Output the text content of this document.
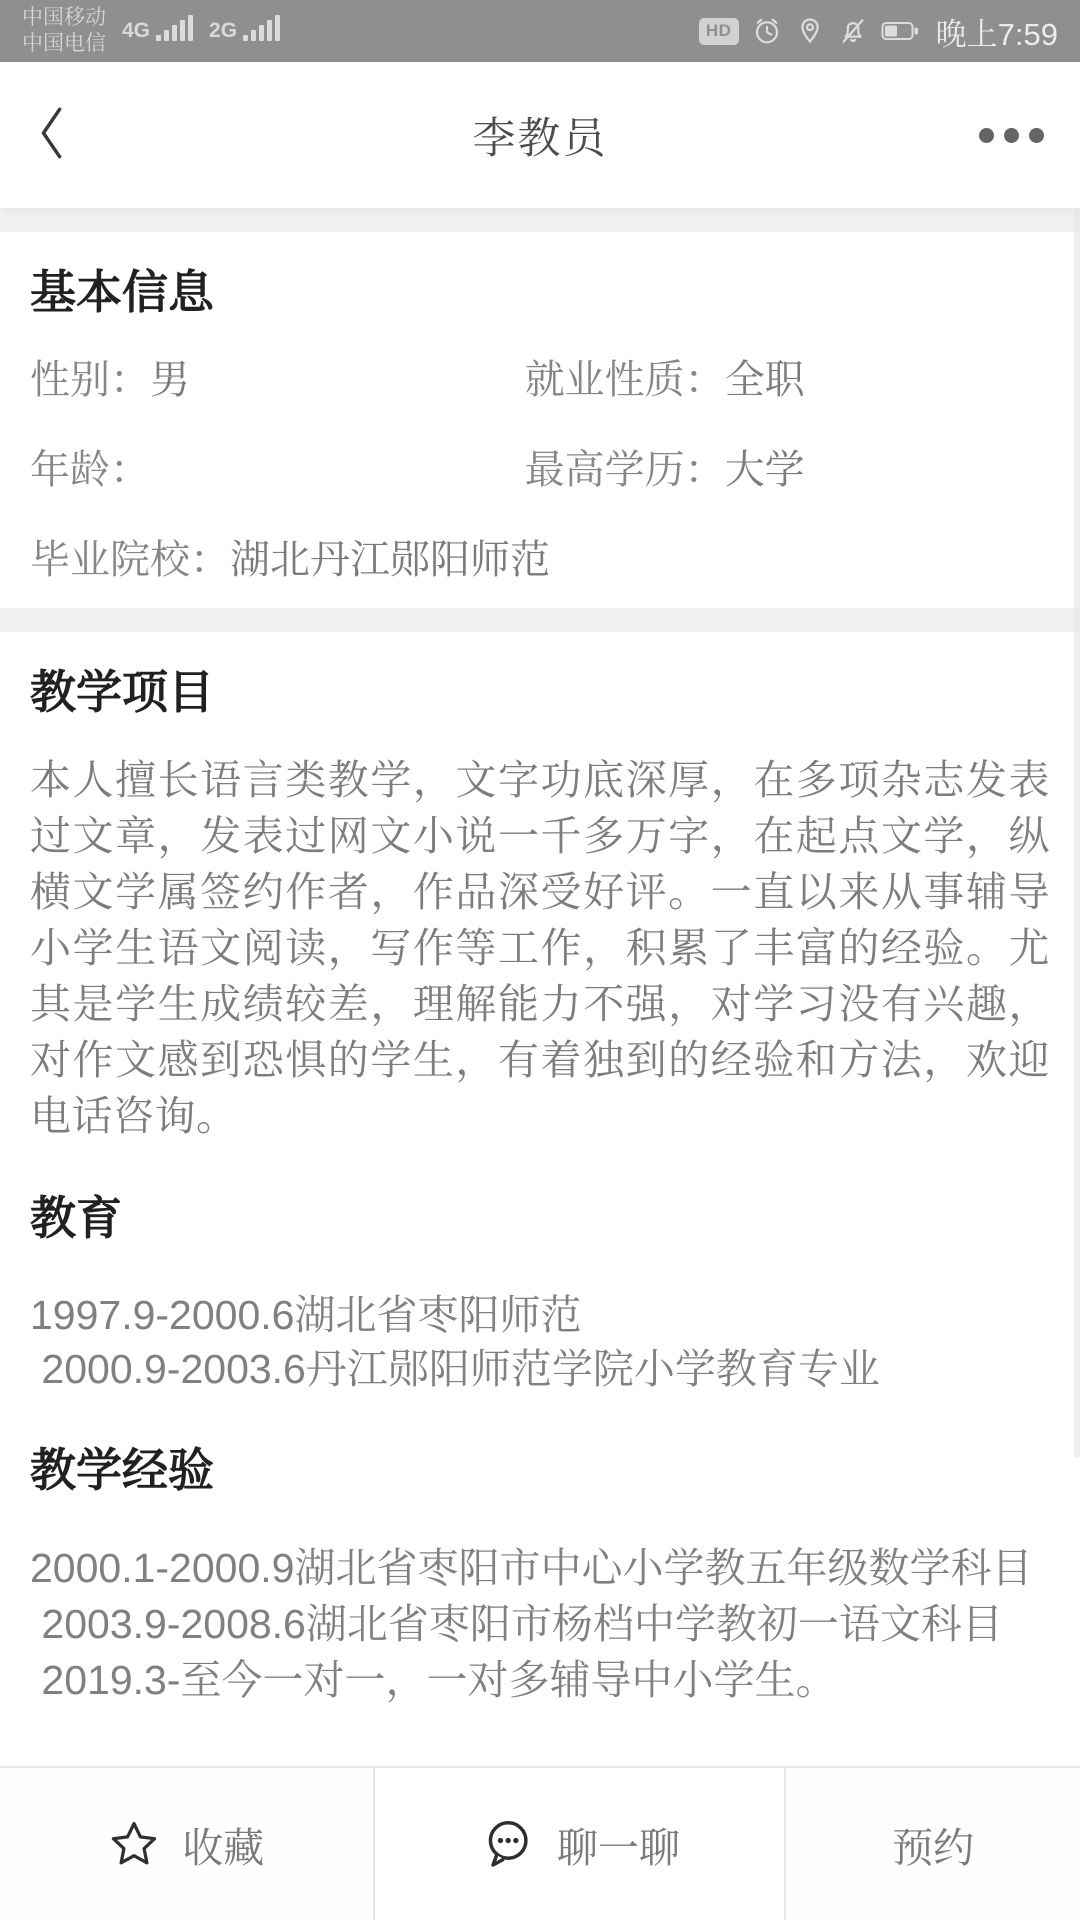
中国移动
中国电信
4G	2G	HD	晚上7:59
李教员
基本信息
性别：男	就业性质：全职
年龄：	最高学历：大学
毕业院校：湖北丹江郧阳师范
教学项目
本人擅长语言类教学，文字功底深厚，在多项杂志发表过文章，发表过网文小说一千多万字，在起点文学，纵横文学属签约作者，作品深受好评。一直以来从事辅导小学生语文阅读，写作等工作，积累了丰富的经验。尤其是学生成绩较差，理解能力不强，对学习没有兴趣，对作文感到恐惧的学生，有着独到的经验和方法，欢迎电话咨询。
教育
1997.9-2000.6湖北省枣阳师范
2000.9-2003.6丹江郧阳师范学院小学教育专业
教学经验
2000.1-2000.9湖北省枣阳市中心小学教五年级数学科目
2003.9-2008.6湖北省枣阳市杨档中学教初一语文科目
2019.3-至今一对一，一对多辅导中小学生。
收藏	聊一聊	预约
